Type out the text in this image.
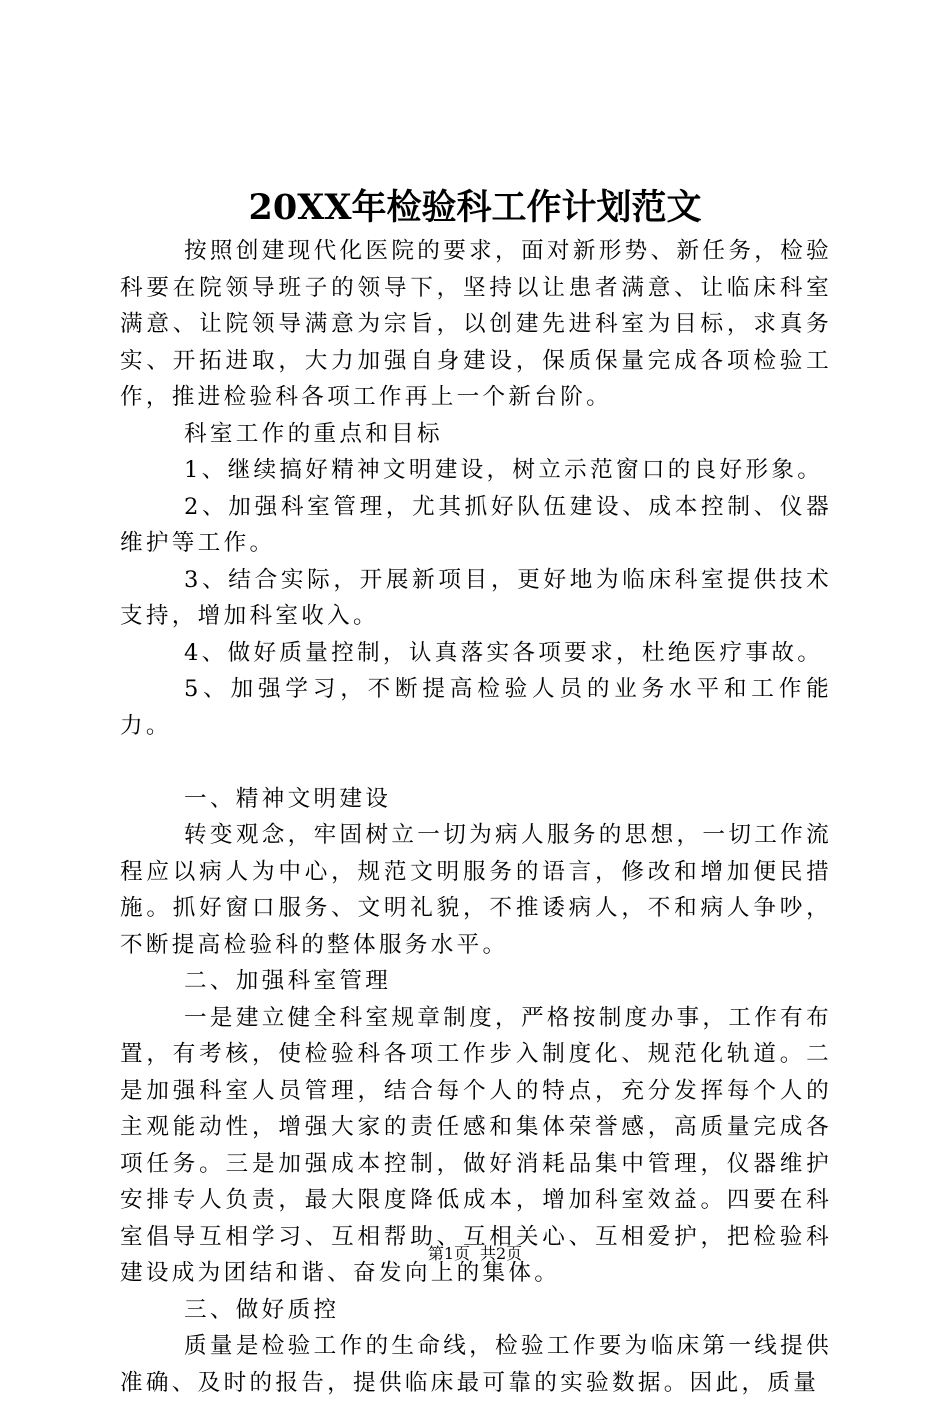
20XX年检验科工作计划范文

按照创建现代化医院的要求，面对新形势、新任务，检验科要在院领导班子的领导下，坚持以让患者满意、让临床科室满意、让院领导满意为宗旨，以创建先进科室为目标，求真务实、开拓进取，大力加强自身建设，保质保量完成各项检验工作，推进检验科各项工作再上一个新台阶。

科室工作的重点和目标

1、继续搞好精神文明建设，树立示范窗口的良好形象。

2、加强科室管理，尤其抓好队伍建设、成本控制、仪器维护等工作。

3、结合实际，开展新项目，更好地为临床科室提供技术支持，增加科室收入。

4、做好质量控制，认真落实各项要求，杜绝医疗事故。

5、加强学习，不断提高检验人员的业务水平和工作能力。

一、精神文明建设

转变观念，牢固树立一切为病人服务的思想，一切工作流程应以病人为中心，规范文明服务的语言，修改和增加便民措施。抓好窗口服务、文明礼貌，不推诿病人，不和病人争吵，不断提高检验科的整体服务水平。

二、加强科室管理

一是建立健全科室规章制度，严格按制度办事，工作有布置，有考核，使检验科各项工作步入制度化、规范化轨道。二是加强科室人员管理，结合每个人的特点，充分发挥每个人的主观能动性，增强大家的责任感和集体荣誉感，高质量完成各项任务。三是加强成本控制，做好消耗品集中管理，仪器维护安排专人负责，最大限度降低成本，增加科室效益。四要在科室倡导互相学习、互相帮助、互相关心、互相爱护，把检验科建设成为团结和谐、奋发向上的集体。

三、做好质控

质量是检验工作的生命线，检验工作要为临床第一线提供准确、及时的报告，提供临床最可靠的实验数据。因此，质量

第1页 共2页
